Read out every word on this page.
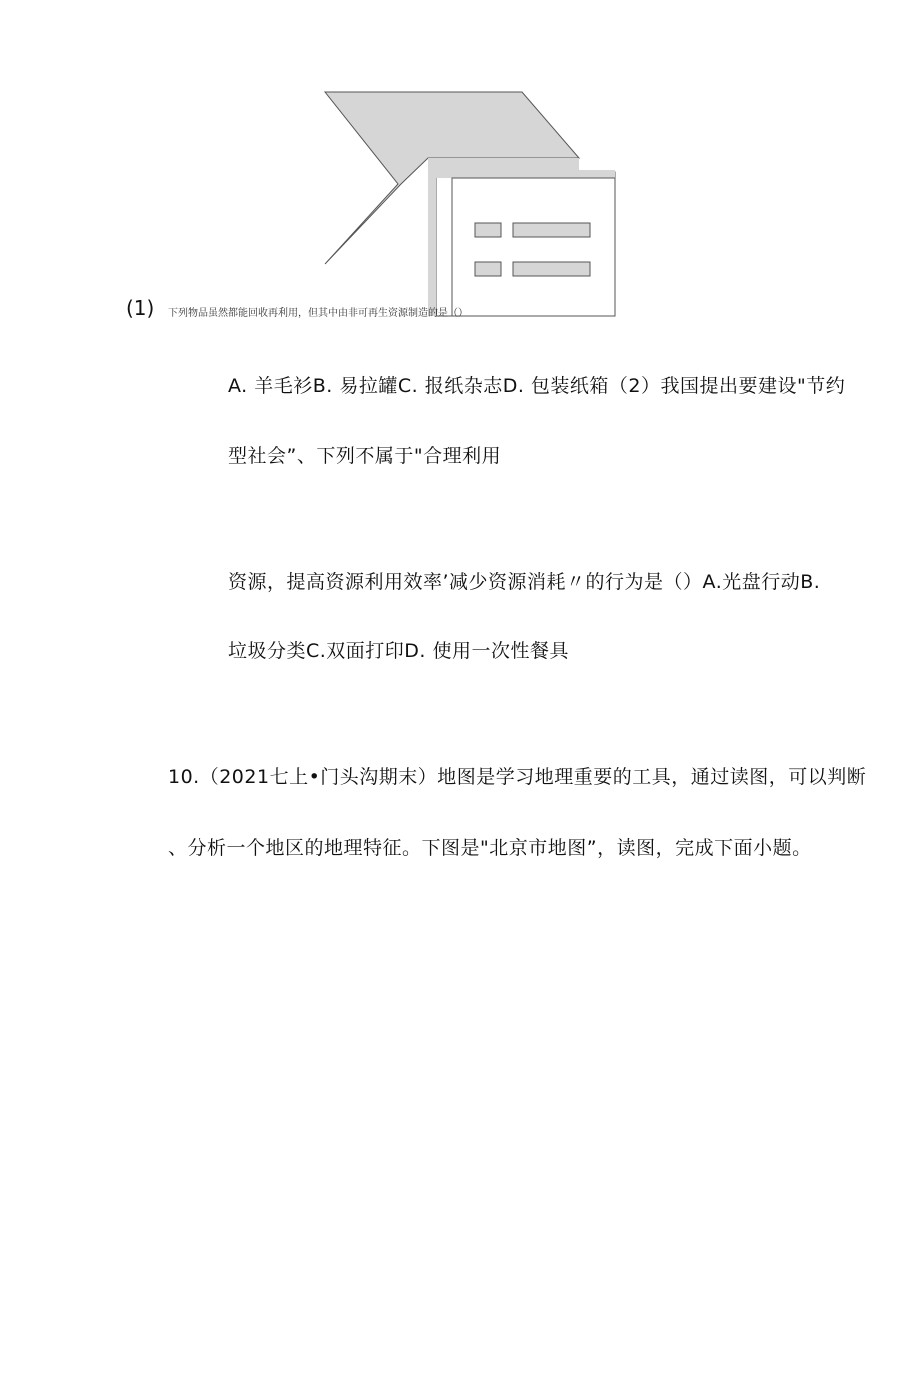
(1) 下列物品虽然都能回收再利用，但其中由非可再生资源制造的是（）
A. 羊毛衫B. 易拉罐C. 报纸杂志D. 包装纸箱（2）我国提出要建设"节约
型社会”、下列不属于"合理利用
资源，提高资源利用效率’减少资源消耗〃的行为是（）A.光盘行动B.
垃圾分类C.双面打印D. 使用一次性餐具
10.（2021七上•门头沟期末）地图是学习地理重要的工具，通过读图，可以判断
、分析一个地区的地理特征。下图是"北京市地图”，读图，完成下面小题。
